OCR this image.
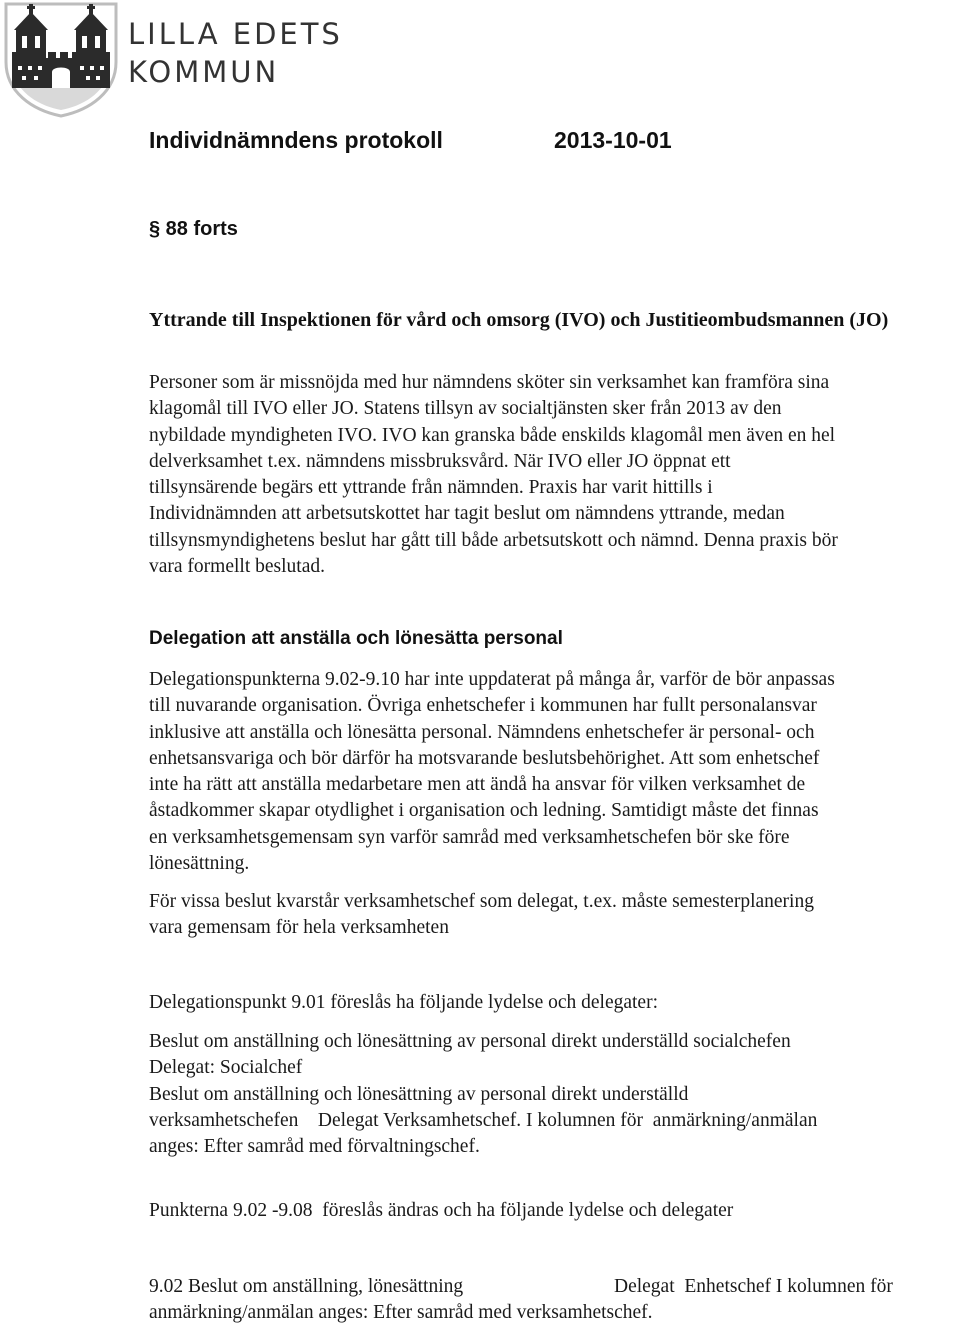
LILLA EDETS
KOMMUN
Individnämndens protokoll	2013-10-01
§ 88 forts
Yttrande till Inspektionen för vård och omsorg (IVO) och Justitieombudsmannen (JO)
Personer som är missnöjda med hur nämndens sköter sin verksamhet kan framföra sina
klagomål till IVO eller JO. Statens tillsyn av socialtjänsten sker från 2013 av den
nybildade myndigheten IVO. IVO kan granska både enskilds klagomål men även en hel
delverksamhet t.ex. nämndens missbruksvård. När IVO eller JO öppnat ett
tillsynsärende begärs ett yttrande från nämnden. Praxis har varit hittills i
Individnämnden att arbetsutskottet har tagit beslut om nämndens yttrande, medan
tillsynsmyndighetens beslut har gått till både arbetsutskott och nämnd. Denna praxis bör
vara formellt beslutad.
Delegation att anställa och lönesätta personal
Delegationspunkterna 9.02-9.10 har inte uppdaterat på många år, varför de bör anpassas
till nuvarande organisation. Övriga enhetschefer i kommunen har fullt personalansvar
inklusive att anställa och lönesätta personal. Nämndens enhetschefer är personal- och
enhetsansvariga och bör därför ha motsvarande beslutsbehörighet. Att som enhetschef
inte ha rätt att anställa medarbetare men att ändå ha ansvar för vilken verksamhet de
åstadkommer skapar otydlighet i organisation och ledning. Samtidigt måste det finnas
en verksamhetsgemensam syn varför samråd med verksamhetschefen bör ske före
lönesättning.
För vissa beslut kvarstår verksamhetschef som delegat, t.ex. måste semesterplanering
vara gemensam för hela verksamheten
Delegationspunkt 9.01 föreslås ha följande lydelse och delegater:
Beslut om anställning och lönesättning av personal direkt underställd socialchefen
Delegat: Socialchef
Beslut om anställning och lönesättning av personal direkt underställd
verksamhetschefen    Delegat Verksamhetschef. I kolumnen för  anmärkning/anmälan
anges: Efter samråd med förvaltningschef.
Punkterna 9.02 -9.08  föreslås ändras och ha följande lydelse och delegater
9.02 Beslut om anställning, lönesättning	Delegat  Enhetschef I kolumnen för
anmärkning/anmälan anges: Efter samråd med verksamhetschef.
